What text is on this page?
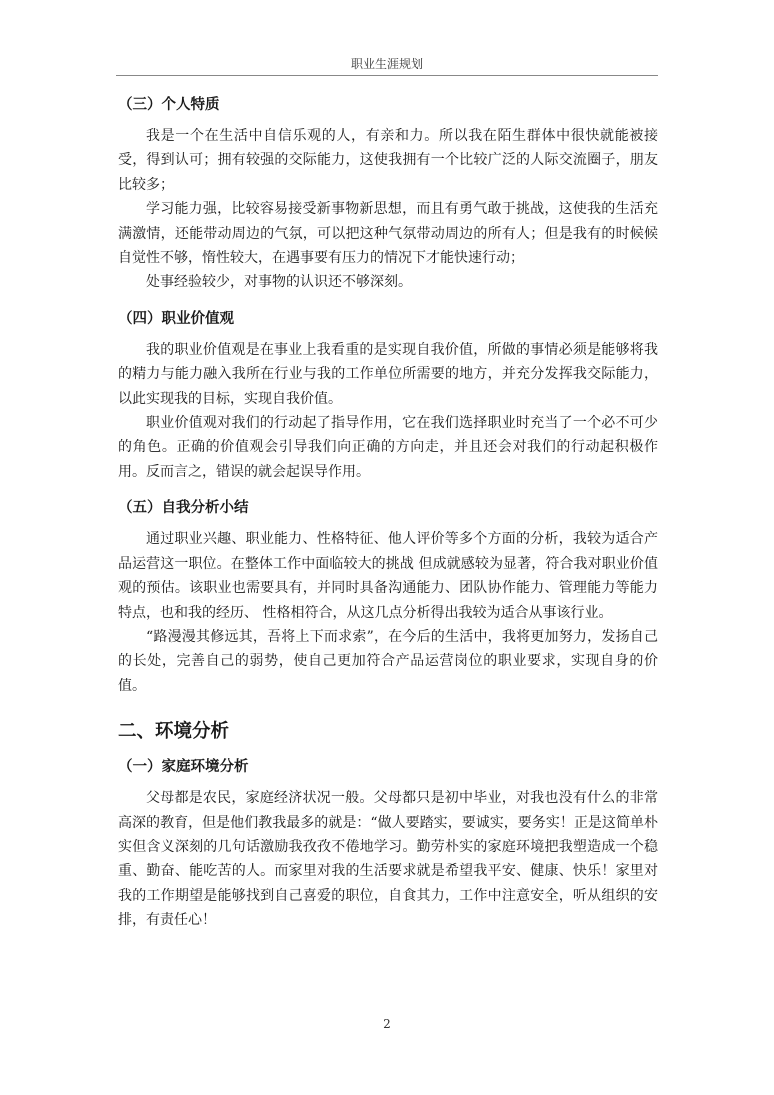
职业生涯规划
（三）个人特质

我是一个在生活中自信乐观的人，有亲和力。所以我在陌生群体中很快就能被接受，得到认可；拥有较强的交际能力，这使我拥有一个比较广泛的人际交流圈子，朋友比较多；

学习能力强，比较容易接受新事物新思想，而且有勇气敢于挑战，这使我的生活充满激情，还能带动周边的气氛，可以把这种气氛带动周边的所有人；但是我有的时候候自觉性不够，惰性较大，在遇事要有压力的情况下才能快速行动；

处事经验较少，对事物的认识还不够深刻。

（四）职业价值观

我的职业价值观是在事业上我看重的是实现自我价值，所做的事情必须是能够将我的精力与能力融入我所在行业与我的工作单位所需要的地方，并充分发挥我交际能力，以此实现我的目标，实现自我价值。

职业价值观对我们的行动起了指导作用，它在我们选择职业时充当了一个必不可少的角色。正确的价值观会引导我们向正确的方向走，并且还会对我们的行动起积极作用。反而言之，错误的就会起误导作用。

（五）自我分析小结

通过职业兴趣、职业能力、性格特征、他人评价等多个方面的分析，我较为适合产品运营这一职位。在整体工作中面临较大的挑战 但成就感较为显著，符合我对职业价值观的预估。该职业也需要具有，并同时具备沟通能力、团队协作能力、管理能力等能力特点，也和我的经历、 性格相符合，从这几点分析得出我较为适合从事该行业。

“路漫漫其修远其，吾将上下而求索”，在今后的生活中，我将更加努力，发扬自己的长处，完善自己的弱势，使自己更加符合产品运营岗位的职业要求，实现自身的价值。

二、环境分析
（一）家庭环境分析

父母都是农民，家庭经济状况一般。父母都只是初中毕业，对我也没有什么的非常高深的教育，但是他们教我最多的就是：“做人要踏实，要诚实，要务实！正是这简单朴实但含义深刻的几句话激励我孜孜不倦地学习。勤劳朴实的家庭环境把我塑造成一个稳重、勤奋、能吃苦的人。而家里对我的生活要求就是希望我平安、健康、快乐！家里对我的工作期望是能够找到自己喜爱的职位，自食其力，工作中注意安全，听从组织的安排，有责任心！

2
